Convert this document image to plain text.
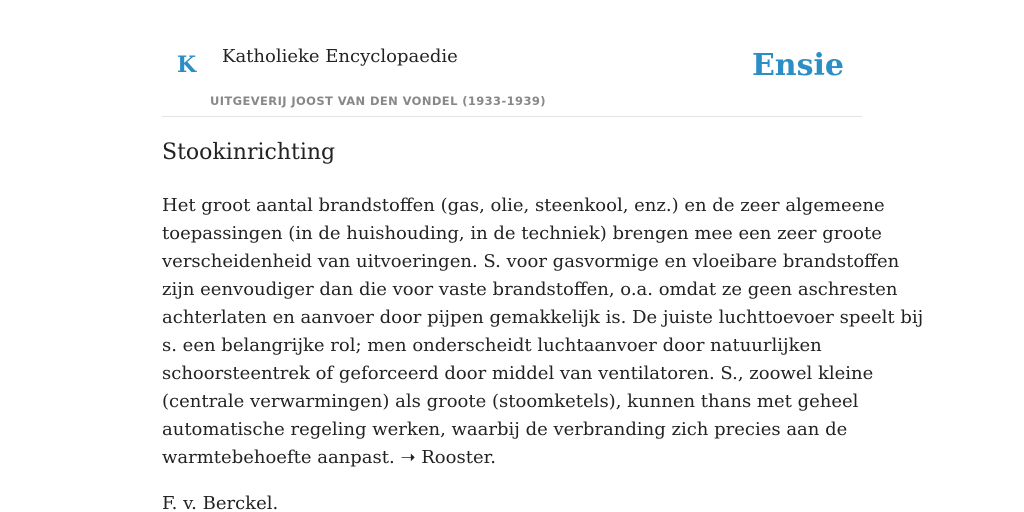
K Katholieke Encyclopaedie
UITGEVERIJ JOOST VAN DEN VONDEL (1933-1939)
Ensie
Stookinrichting

Het groot aantal brandstoffen (gas, olie, steenkool, enz.) en de zeer algemeene
toepassingen (in de huishouding, in de techniek) brengen mee een zeer groote
verscheidenheid van uitvoeringen. S. voor gasvormige en vloeibare brandstoffen
zijn eenvoudiger dan die voor vaste brandstoffen, o.a. omdat ze geen aschresten
achterlaten en aanvoer door pijpen gemakkelijk is. De juiste luchttoevoer speelt bij
s. een belangrijke rol; men onderscheidt luchtaanvoer door natuurlijken
schoorsteentrek of geforceerd door middel van ventilatoren. S., zoowel kleine
(centrale verwarmingen) als groote (stoomketels), kunnen thans met geheel
automatische regeling werken, waarbij de verbranding zich precies aan de
warmtebehoefte aanpast. ➝ Rooster.

F. v. Berckel.
